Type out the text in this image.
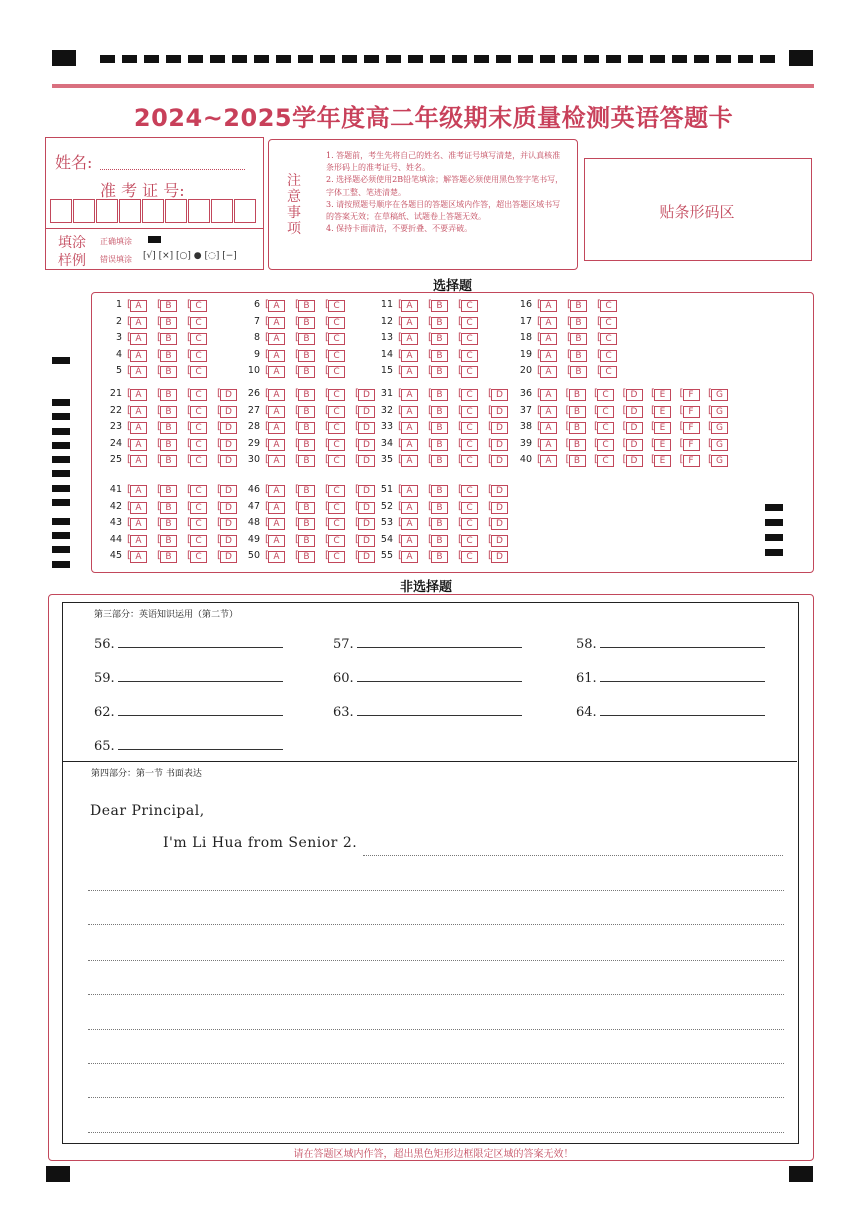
2024~2025学年度高二年级期末质量检测英语答题卡
姓名:
准 考 证 号:
填涂
样例
正确填涂
错误填涂 [√] [×] [○] ● [◌] [−]
注意事项
1. 答题前，考生先将自己的姓名、准考证号填写清楚，并认真核准条形码上的准考证号、姓名。
2. 选择题必须使用2B铅笔填涂；解答题必须使用黑色签字笔书写，字体工整、笔迹清楚。
3. 请按照题号顺序在各题目的答题区域内作答，超出答题区域书写的答案无效；在草稿纸、试题卷上答题无效。
4. 保持卡面清洁，不要折叠、不要弄破。
贴条形码区
选择题
1	[ A	[ B	[ C
2	[ A	[ B	[ C
3	[ A	[ B	[ C
4	[ A	[ B	[ C
5	[ A	[ B	[ C
6	[ A	[ B	[ C
7	[ A	[ B	[ C
8	[ A	[ B	[ C
9	[ A	[ B	[ C
10	[ A	[ B	[ C
11	[ A	[ B	[ C
12	[ A	[ B	[ C
13	[ A	[ B	[ C
14	[ A	[ B	[ C
15	[ A	[ B	[ C
16	[ A	[ B	[ C
17	[ A	[ B	[ C
18	[ A	[ B	[ C
19	[ A	[ B	[ C
20	[ A	[ B	[ C
21	[ A	[ B	[ C	[ D
22	[ A	[ B	[ C	[ D
23	[ A	[ B	[ C	[ D
24	[ A	[ B	[ C	[ D
25	[ A	[ B	[ C	[ D
26	[ A	[ B	[ C	[ D
27	[ A	[ B	[ C	[ D
28	[ A	[ B	[ C	[ D
29	[ A	[ B	[ C	[ D
30	[ A	[ B	[ C	[ D
31	[ A	[ B	[ C	[ D
32	[ A	[ B	[ C	[ D
33	[ A	[ B	[ C	[ D
34	[ A	[ B	[ C	[ D
35	[ A	[ B	[ C	[ D
36	[ A	[ B	[ C	[ D	[ E	[ F	[ G
37	[ A	[ B	[ C	[ D	[ E	[ F	[ G
38	[ A	[ B	[ C	[ D	[ E	[ F	[ G
39	[ A	[ B	[ C	[ D	[ E	[ F	[ G
40	[ A	[ B	[ C	[ D	[ E	[ F	[ G
41	[ A	[ B	[ C	[ D
42	[ A	[ B	[ C	[ D
43	[ A	[ B	[ C	[ D
44	[ A	[ B	[ C	[ D
45	[ A	[ B	[ C	[ D
46	[ A	[ B	[ C	[ D
47	[ A	[ B	[ C	[ D
48	[ A	[ B	[ C	[ D
49	[ A	[ B	[ C	[ D
50	[ A	[ B	[ C	[ D
51	[ A	[ B	[ C	[ D
52	[ A	[ B	[ C	[ D
53	[ A	[ B	[ C	[ D
54	[ A	[ B	[ C	[ D
55	[ A	[ B	[ C	[ D
非选择题
第三部分：英语知识运用（第二节）
56.	57.	58.
59.	60.	61.
62.	63.	64.
65.
第四部分：第一节 书面表达
Dear Principal,
I'm Li Hua from Senior 2.
请在答题区域内作答，超出黑色矩形边框限定区域的答案无效！
